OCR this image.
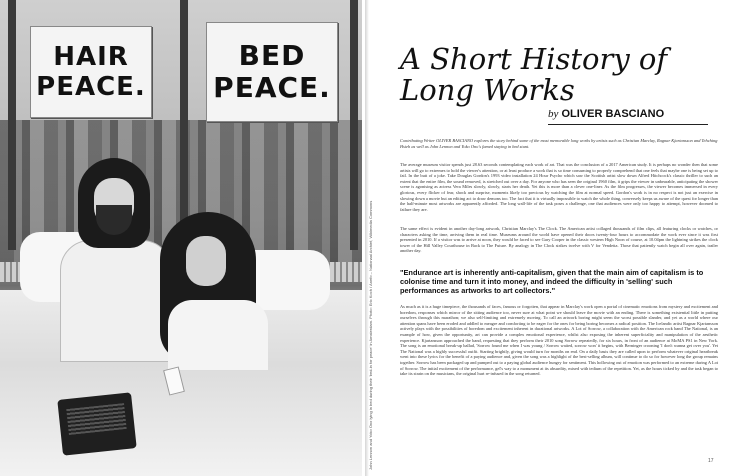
HAIR
PEACE.
BED
PEACE.
John Lennon and Yoko Ono lying in bed during their 'bed-in for peace' in Amsterdam. Photo: Eric Koch / Anefo – Nationaal Archief, Wikimedia Commons
A Short History of
Long Works
by OLIVER BASCIANO

Contributing Writer OLIVER BASCIANO explores the story behind some of the most memorable long works by artists such as Christian Marclay, Ragnar Kjartansson and Tehching Hsieh as well as John Lennon and Yoko Ono's famed staying in bed stunt.

The average museum visitor spends just 28.63 seconds contemplating each work of art. That was the conclusion of a 2017 American study. It is perhaps no wonder then that some artists will go to extremes to hold the viewer's attention, or at least produce a work that is so time consuming to properly comprehend that one feels that maybe one is being set up to fail. In the butt of a joke. Take Douglas Gordon's 1993 video installation 24 Hour Psycho which saw the Scottish artist slow down Alfred Hitchcock's classic thriller to such an extent that the entire film, the sound removed, is stretched out over a day. For anyone who has seen the original 1960 film, it grips the viewer in unbearable, anticipating the shower scene is agonising as actress Vera Miles slowly, slowly, starts her death. Yet this is more than a clever one-liner. As the film progresses, the viewer becomes immersed in every glorious, every flicker of fear, shock and surprise, moments likely too precious by watching the film at normal speed. Gordon's work is in no respect is not just an exercise in slowing down a movie but an editing act to draw demons too. The fact that it is virtually impossible to watch the whole thing, conversely keeps us aware of the quest for longer than the half-minute most artworks are apparently afforded. The long wall-life of the task poses a challenge, one that audiences were only too happy to attempt, however doomed to failure they are.

The same effect is evident in another day-long artwork, Christian Marclay's The Clock. The American artist collaged thousands of film clips, all featuring clocks or watches, or characters asking the time, arriving them in real time. Museums around the world have opened their doors twenty-four hours to accommodate the work ever since it was first presented in 2010. If a visitor was to arrive at noon, they would be faced to see Gary Cooper in the classic western High Noon of course, at 10.04pm the lightning strikes the clock tower of the Hill Valley Courthouse in Back to The Future. By analogy in The Clock strikes twelve with V for Vendetta. Those that patiently watch begin all over again, trailer another day.

"Endurance art is inherently anti-capitalism, given that the main aim of capitalism is to colonise time and turn it into money, and indeed the difficulty in 'selling' such performances as artworks to art collectors."

As much as it is a huge timepiece, the thousands of faces, famous or forgotten, that appear in Marclay's work open a portal of cinematic emotions from mystery and excitement and boredom, responses which mirror of the sitting audience too, never sure at what point we should leave the movie with an ending. There is something existential little in putting ourselves through this marathon; we also self-limiting and extremely moving. To call an artwork boring might seem the worst possible slander, and yet as a world where our attention spans have been eroded and addled to meagre and comforting to be eager for the ones for being boring becomes a radical position. The Icelandic artist Ragnar Kjartansson actively plays with the possibilities of boredom and excitement inherent in durational artworks. A Lot of Sorrow, a collaboration with the American rock band The National, is an example of how, given the opportunity, art can provide a complex emotional experience, whilst also exposing the inherent superficiality and manipulation of the aesthetic experience. Kjartansson approached the band, requesting that they perform their 2010 song Sorrow repeatedly, for six hours, in front of an audience at MoMA PS1 in New York. The song is an emotional break-up ballad, 'Sorrow found me when I was young / Sorrow waited, sorrow won' it begins, with Berninger crooning 'I don't wanna get over you'. Yet The National was a highly successful outfit. Starting brightly, giving would turn for months on end. On a daily basis they are called upon to perform whatever original heartbreak went into these lyrics for the benefit of a paying audience and, given the song was a highlight of the best-selling album, will continue to do so for however long the group remains together. Sorrow has been packaged up and pumped out to a paying global audience hungry for sentiment. This hollowing out of emotion was performed to an extreme during A Lot of Sorrow. The initial excitement of the performance, gel's way to a monument at its absurdity, mixed with tedium of the repetition. Yet, as the hours ticked by and the task began to take its strain on the musicians, the original hurt re-infused in the song returned.

17
